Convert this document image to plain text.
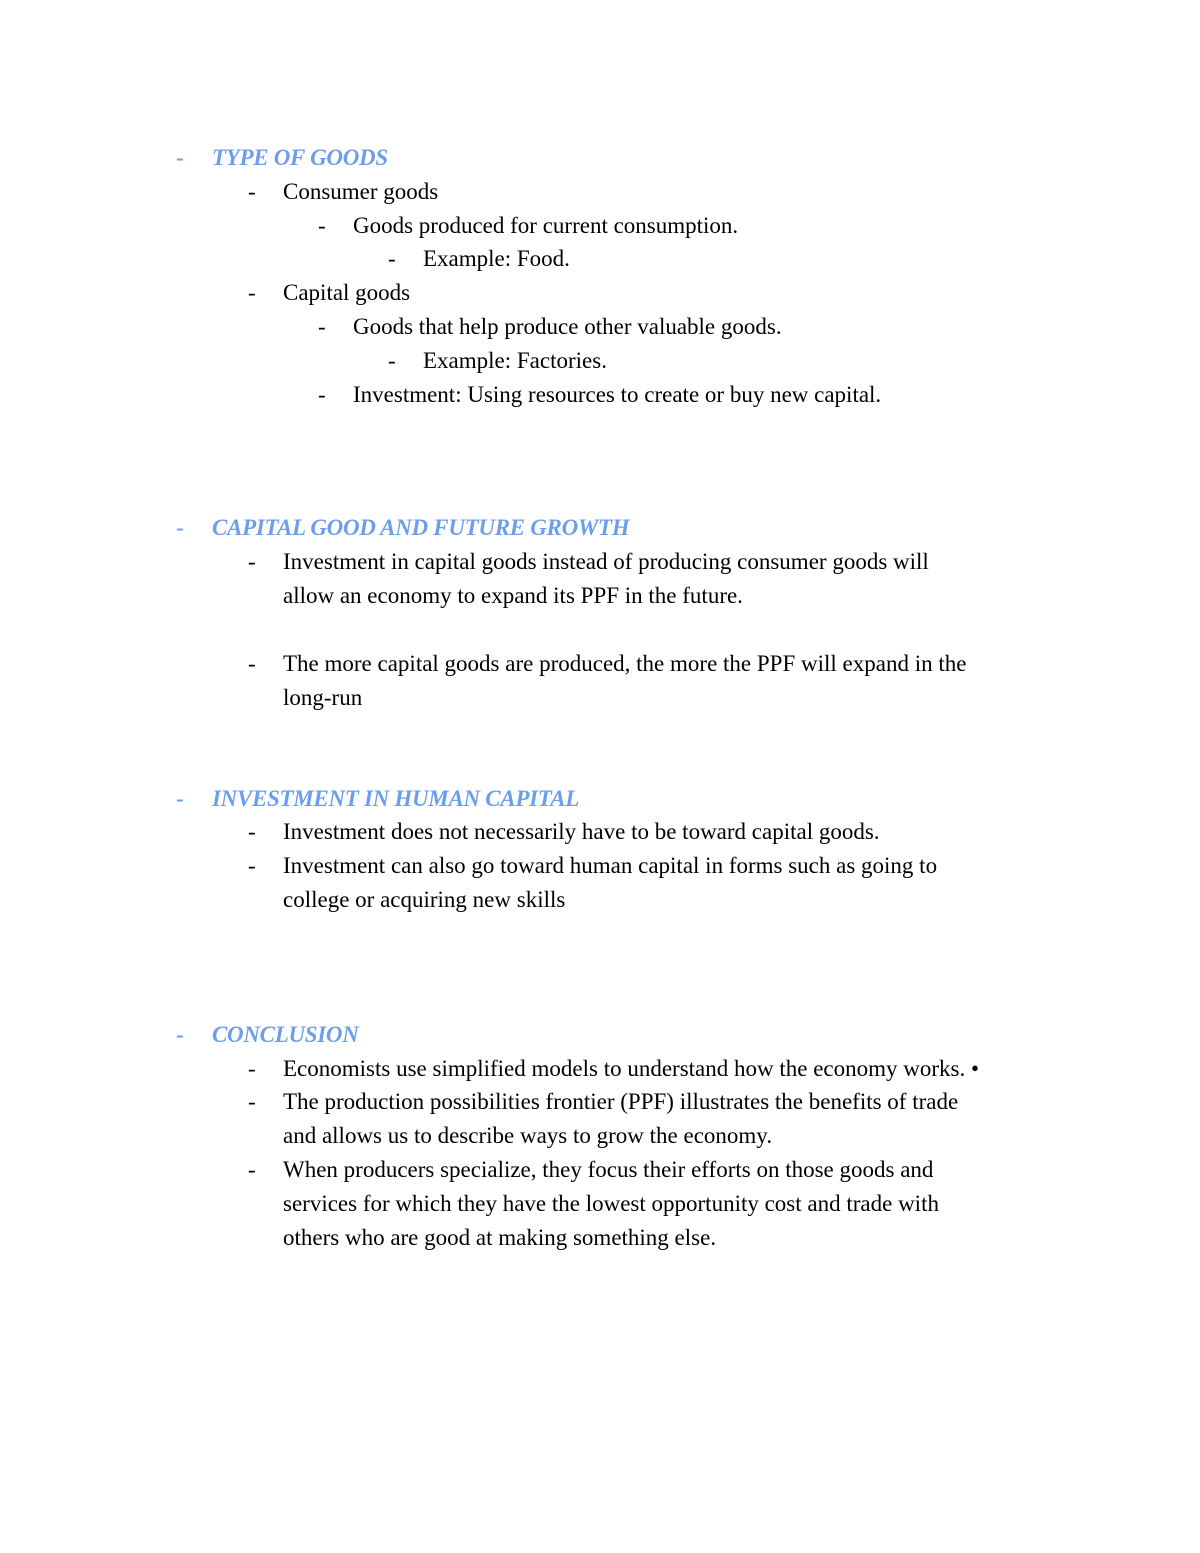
- TYPE OF GOODS
- Consumer goods
- Goods produced for current consumption.
- Example: Food.
- Capital goods
- Goods that help produce other valuable goods.
- Example: Factories.
- Investment: Using resources to create or buy new capital.
- CAPITAL GOOD AND FUTURE GROWTH
- Investment in capital goods instead of producing consumer goods will
allow an economy to expand its PPF in the future.
- The more capital goods are produced, the more the PPF will expand in the
long-run
- INVESTMENT IN HUMAN CAPITAL
- Investment does not necessarily have to be toward capital goods.
- Investment can also go toward human capital in forms such as going to
college or acquiring new skills
- CONCLUSION
- Economists use simplified models to understand how the economy works. •
- The production possibilities frontier (PPF) illustrates the benefits of trade
and allows us to describe ways to grow the economy.
- When producers specialize, they focus their efforts on those goods and
services for which they have the lowest opportunity cost and trade with
others who are good at making something else.
